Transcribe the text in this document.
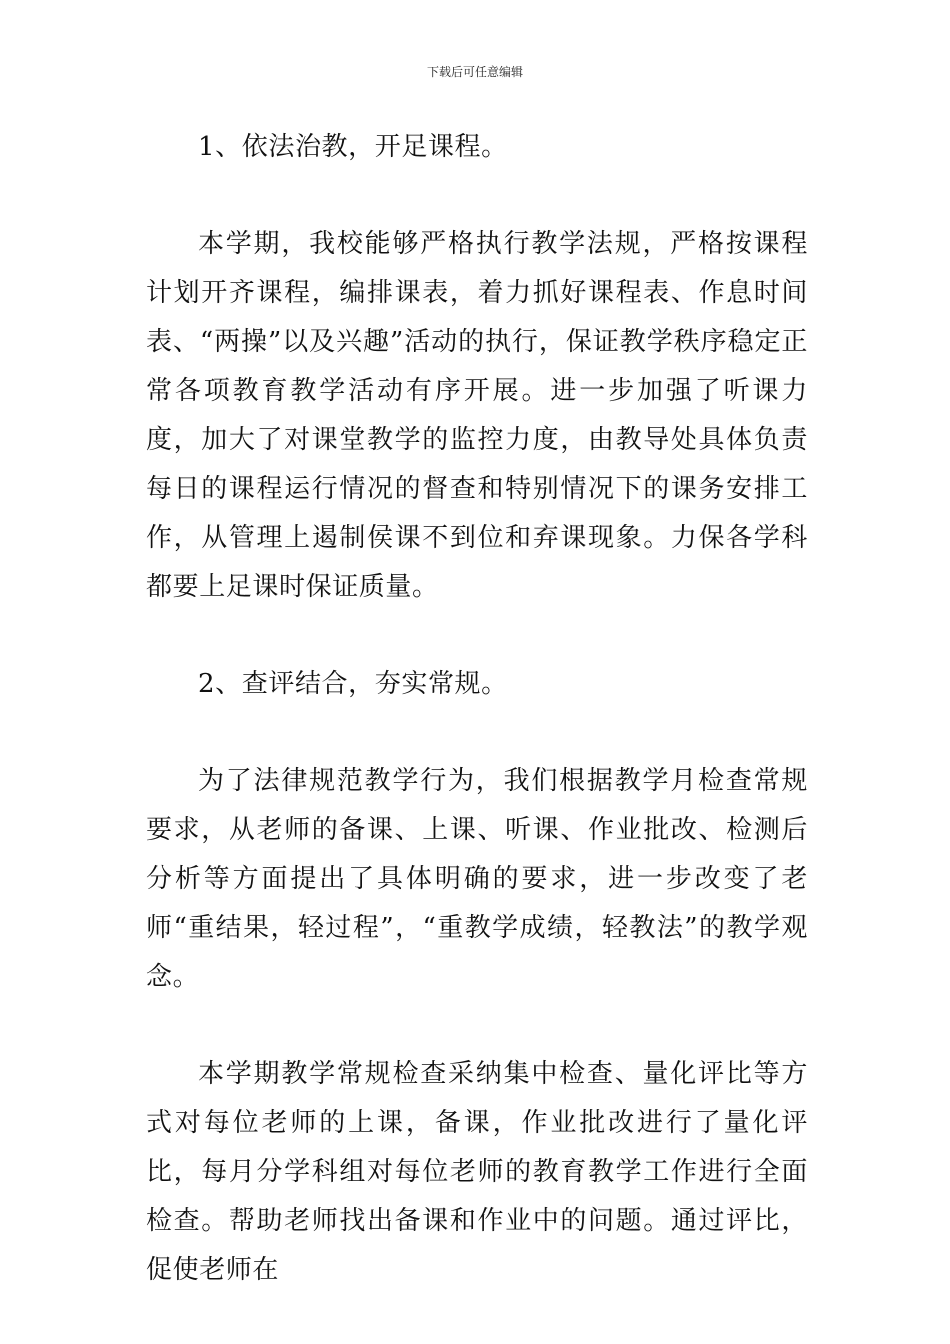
下载后可任意编辑

1、依法治教，开足课程。

本学期，我校能够严格执行教学法规，严格按课程计划开齐课程，编排课表，着力抓好课程表、作息时间表、“两操”以及兴趣”活动的执行，保证教学秩序稳定正常各项教育教学活动有序开展。进一步加强了听课力度，加大了对课堂教学的监控力度，由教导处具体负责每日的课程运行情况的督查和特别情况下的课务安排工作，从管理上遏制侯课不到位和弃课现象。力保各学科都要上足课时保证质量。

2、查评结合，夯实常规。

为了法律规范教学行为，我们根据教学月检查常规要求，从老师的备课、上课、听课、作业批改、检测后分析等方面提出了具体明确的要求，进一步改变了老师“重结果，轻过程”，“重教学成绩，轻教法”的教学观念。

本学期教学常规检查采纳集中检查、量化评比等方式对每位老师的上课，备课，作业批改进行了量化评比，每月分学科组对每位老师的教育教学工作进行全面检查。帮助老师找出备课和作业中的问题。通过评比，促使老师在
